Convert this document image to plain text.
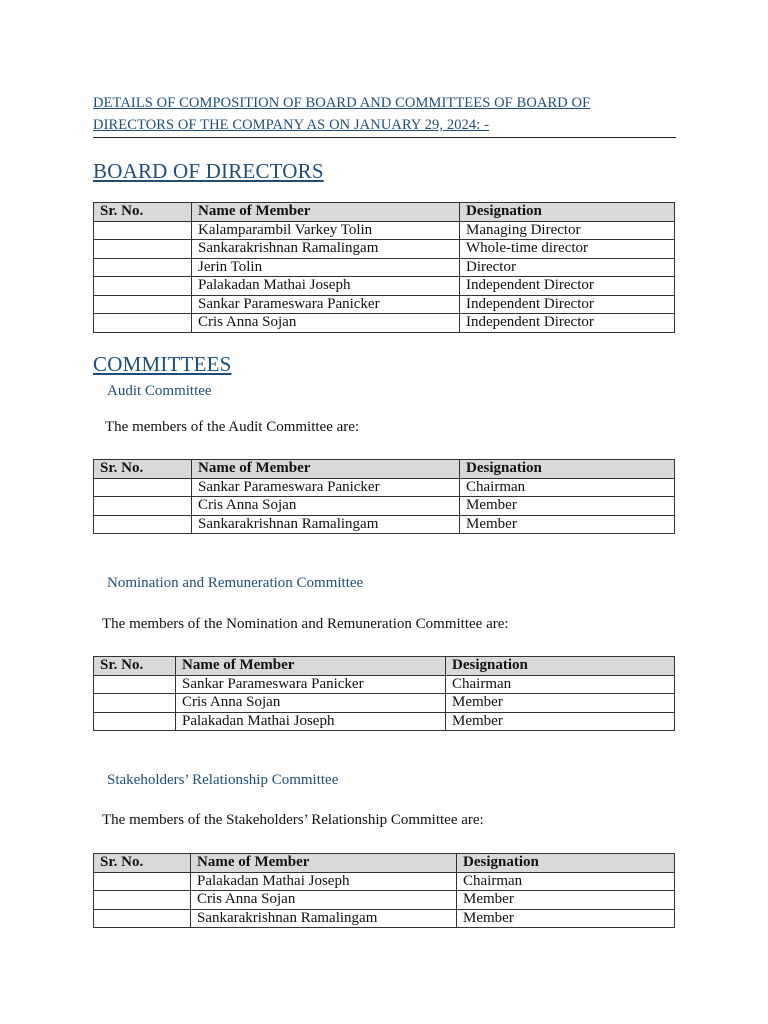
DETAILS OF COMPOSITION OF BOARD AND COMMITTEES OF BOARD OF
DIRECTORS OF THE COMPANY AS ON JANUARY 29, 2024: -
BOARD OF DIRECTORS
Sr. No.	Name of Member	Designation
	Kalamparambil Varkey Tolin	Managing Director
	Sankarakrishnan Ramalingam	Whole-time director
	Jerin Tolin	Director
	Palakadan Mathai Joseph	Independent Director
	Sankar Parameswara Panicker	Independent Director
	Cris Anna Sojan	Independent Director
COMMITTEES
Audit Committee
The members of the Audit Committee are:
Sr. No.	Name of Member	Designation
	Sankar Parameswara Panicker	Chairman
	Cris Anna Sojan	Member
	Sankarakrishnan Ramalingam	Member
Nomination and Remuneration Committee
The members of the Nomination and Remuneration Committee are:
Sr. No.	Name of Member	Designation
	Sankar Parameswara Panicker	Chairman
	Cris Anna Sojan	Member
	Palakadan Mathai Joseph	Member
Stakeholders’ Relationship Committee
The members of the Stakeholders’ Relationship Committee are:
Sr. No.	Name of Member	Designation
	Palakadan Mathai Joseph	Chairman
	Cris Anna Sojan	Member
	Sankarakrishnan Ramalingam	Member
